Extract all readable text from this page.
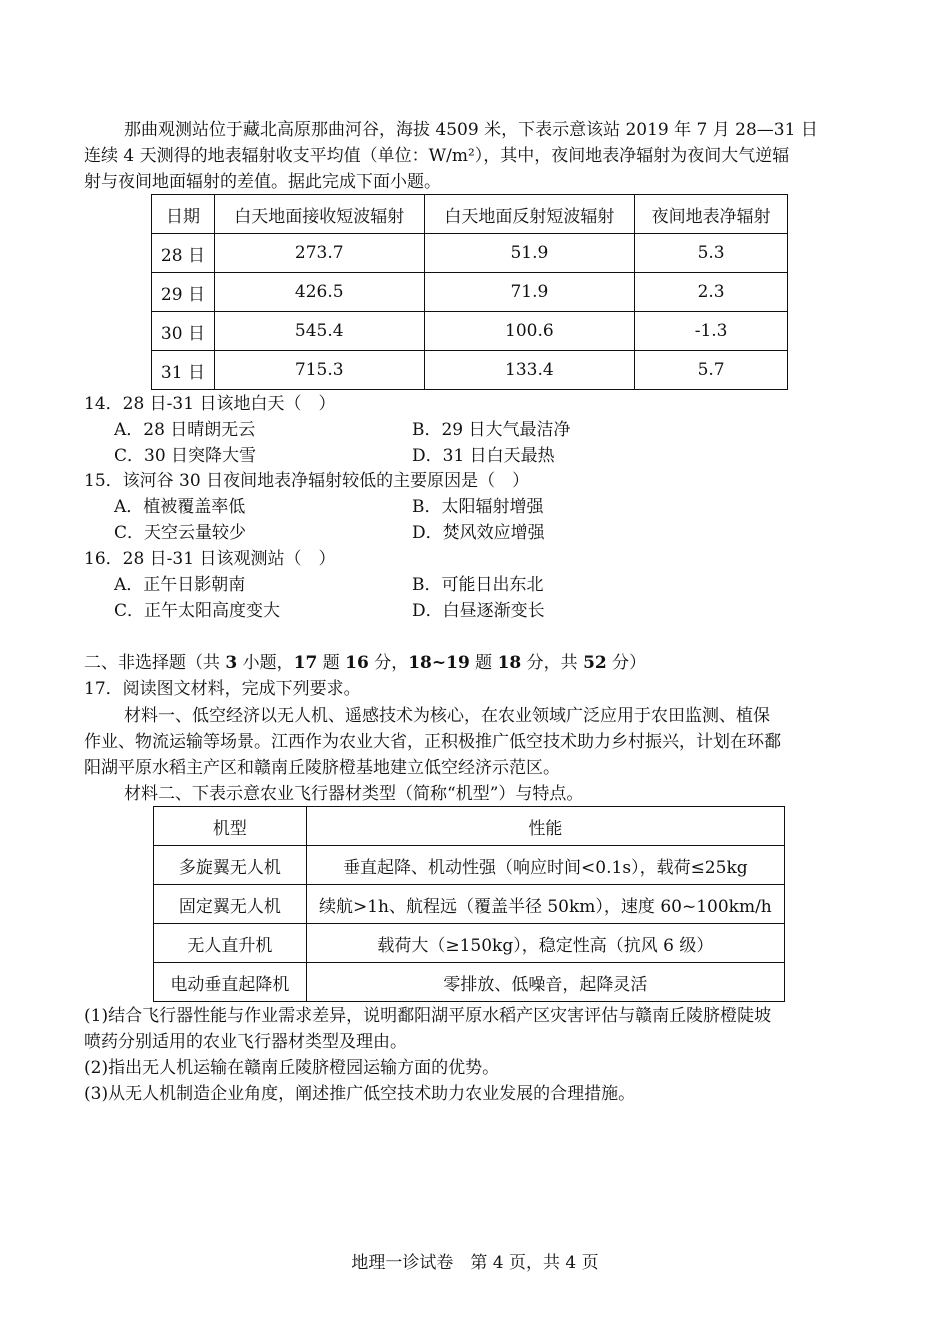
那曲观测站位于藏北高原那曲河谷，海拔 4509 米，下表示意该站 2019 年 7 月 28—31 日
连续 4 天测得的地表辐射收支平均值（单位：W/m²），其中，夜间地表净辐射为夜间大气逆辐
射与夜间地面辐射的差值。据此完成下面小题。
日期	白天地面接收短波辐射	白天地面反射短波辐射	夜间地表净辐射
28 日	273.7	51.9	5.3
29 日	426.5	71.9	2.3
30 日	545.4	100.6	-1.3
31 日	715.3	133.4	5.7
14．28 日-31 日该地白天（　）
A．28 日晴朗无云	B．29 日大气最洁净
C．30 日突降大雪	D．31 日白天最热
15．该河谷 30 日夜间地表净辐射较低的主要原因是（　）
A．植被覆盖率低	B．太阳辐射增强
C．天空云量较少	D．焚风效应增强
16．28 日-31 日该观测站（　）
A．正午日影朝南	B．可能日出东北
C．正午太阳高度变大	D．白昼逐渐变长
二、非选择题（共 3 小题，17 题 16 分，18~19 题 18 分，共 52 分）
17．阅读图文材料，完成下列要求。
材料一、低空经济以无人机、遥感技术为核心，在农业领域广泛应用于农田监测、植保
作业、物流运输等场景。江西作为农业大省，正积极推广低空技术助力乡村振兴，计划在环鄱
阳湖平原水稻主产区和赣南丘陵脐橙基地建立低空经济示范区。
材料二、下表示意农业飞行器材类型（简称“机型”）与特点。
机型	性能
多旋翼无人机	垂直起降、机动性强（响应时间<0.1s），载荷≤25kg
固定翼无人机	续航>1h、航程远（覆盖半径 50km），速度 60~100km/h
无人直升机	载荷大（≥150kg），稳定性高（抗风 6 级）
电动垂直起降机	零排放、低噪音，起降灵活
(1)结合飞行器性能与作业需求差异，说明鄱阳湖平原水稻产区灾害评估与赣南丘陵脐橙陡坡
喷药分别适用的农业飞行器材类型及理由。
(2)指出无人机运输在赣南丘陵脐橙园运输方面的优势。
(3)从无人机制造企业角度，阐述推广低空技术助力农业发展的合理措施。
地理一诊试卷　第 4 页，共 4 页
